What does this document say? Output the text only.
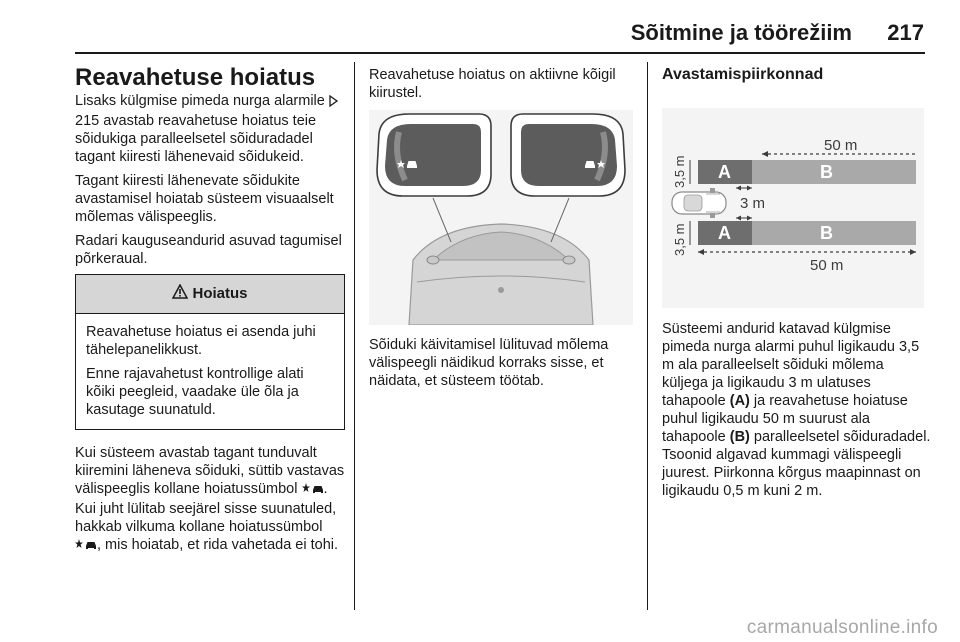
Sõitmine ja töörežiim 217
Reavahetuse hoiatus

Lisaks külgmise pimeda nurga alarmile  215 avastab reavahetuse hoiatus teie sõidukiga paralleelsetel sõiduradadel tagant kiiresti lähenevaid sõidukeid.

Tagant kiiresti lähenevate sõidukite avastamisel hoiatab süsteem visuaalselt mõlemas välispeeglis.

Radari kauguseandurid asuvad tagumisel põrkeraual.

Hoiatus

Reavahetuse hoiatus ei asenda juhi tähelepanelikkust.

Enne rajavahetust kontrollige alati kõiki peegleid, vaadake üle õla ja kasutage suunatuld.

Kui süsteem avastab tagant tunduvalt kiiremini läheneva sõiduki, süttib vastavas välispeeglis kollane hoiatussümbol . Kui juht lülitab seejärel sisse suunatuled, hakkab vilkuma kollane hoiatussümbol , mis hoiatab, et rida vahetada ei tohi.

Reavahetuse hoiatus on aktiivne kõigil kiirustel.

Sõiduki käivitamisel lülituvad mõlema välispeegli näidikud korraks sisse, et näidata, et süsteem töötab.

Avastamispiirkonnad
50 m
A	B
A	B
3,5 m
3,5 m
3 m
50 m

Süsteemi andurid katavad külgmise pimeda nurga alarmi puhul ligikaudu 3,5 m ala paralleelselt sõiduki mõlema küljega ja ligikaudu 3 m ulatuses tahapoole (A) ja reavahetuse hoiatuse puhul ligikaudu 50 m suurust ala tahapoole (B) paralleelsetel sõiduradadel. Tsoonid algavad kummagi välispeegli juurest. Piirkonna kõrgus maapinnast on ligikaudu 0,5 m kuni 2 m.

carmanualsonline.info
